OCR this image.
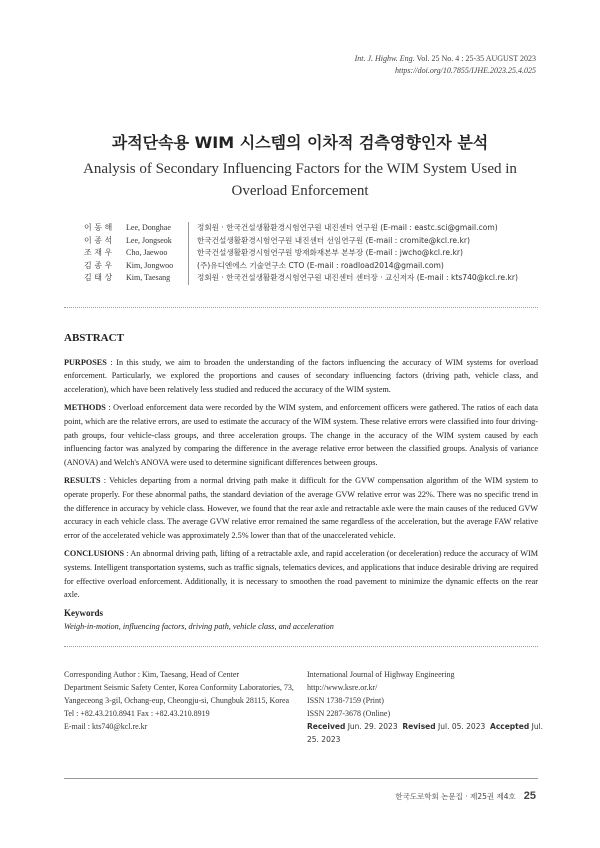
Int. J. Highw. Eng. Vol. 25 No. 4 : 25-35 AUGUST 2023
https://doi.org/10.7855/IJHE.2023.25.4.025
과적단속용 WIM 시스템의 이차적 검측영향인자 분석
Analysis of Secondary Influencing Factors for the WIM System Used in Overload Enforcement
이 동 해	Lee, Donghae	정회원 · 한국건설생활환경시험연구원 내진센터 연구원 (E-mail : eastc.sci@gmail.com)
이 종 석	Lee, Jongseok	한국건설생활환경시험연구원 내진센터 선임연구원 (E-mail : cromite@kcl.re.kr)
조 재 우	Cho, Jaewoo	한국건설생활환경시험연구원 방재화재본부 본부장 (E-mail : jwcho@kcl.re.kr)
김 종 우	Kim, Jongwoo	(주)유디엔에스 기술연구소 CTO (E-mail : roadload2014@gmail.com)
김 태 상	Kim, Taesang	정회원 · 한국건설생활환경시험연구원 내진센터 센터장 · 교신저자 (E-mail : kts740@kcl.re.kr)
ABSTRACT

PURPOSES : In this study, we aim to broaden the understanding of the factors influencing the accuracy of WIM systems for overload enforcement. Particularly, we explored the proportions and causes of secondary influencing factors (driving path, vehicle class, and acceleration), which have been relatively less studied and reduced the accuracy of the WIM system.

METHODS : Overload enforcement data were recorded by the WIM system, and enforcement officers were gathered. The ratios of each data point, which are the relative errors, are used to estimate the accuracy of the WIM system. These relative errors were classified into four driving-path groups, four vehicle-class groups, and three acceleration groups. The change in the accuracy of the WIM system caused by each influencing factor was analyzed by comparing the difference in the average relative error between the classified groups. Analysis of variance (ANOVA) and Welch's ANOVA were used to determine significant differences between groups.

RESULTS : Vehicles departing from a normal driving path make it difficult for the GVW compensation algorithm of the WIM system to operate properly. For these abnormal paths, the standard deviation of the average GVW relative error was 22%. There was no specific trend in the difference in accuracy by vehicle class. However, we found that the rear axle and retractable axle were the main causes of the reduced GVW accuracy in each vehicle class. The average GVW relative error remained the same regardless of the acceleration, but the average FAW relative error of the accelerated vehicle was approximately 2.5% lower than that of the unaccelerated vehicle.

CONCLUSIONS : An abnormal driving path, lifting of a retractable axle, and rapid acceleration (or deceleration) reduce the accuracy of WIM systems. Intelligent transportation systems, such as traffic signals, telematics devices, and applications that induce desirable driving are required for effective overload enforcement. Additionally, it is necessary to smoothen the road pavement to minimize the dynamic effects on the rear axle.

Keywords
Weigh-in-motion, influencing factors, driving path, vehicle class, and acceleration
Corresponding Author : Kim, Taesang, Head of Center
Department Seismic Safety Center, Korea Conformity Laboratories, 73,
Yangeceong 3-gil, Ochang-eup, Cheongju-si, Chungbuk 28115, Korea
Tel : +82.43.210.8941 Fax : +82.43.210.8919
E-mail : kts740@kcl.re.kr
International Journal of Highway Engineering
http://www.ksre.or.kr/
ISSN 1738-7159 (Print)
ISSN 2287-3678 (Online)
Received Jun. 29. 2023 Revised Jul. 05. 2023 Accepted Jul. 25. 2023
한국도로학회 논문집 · 제25권 제4호 25
